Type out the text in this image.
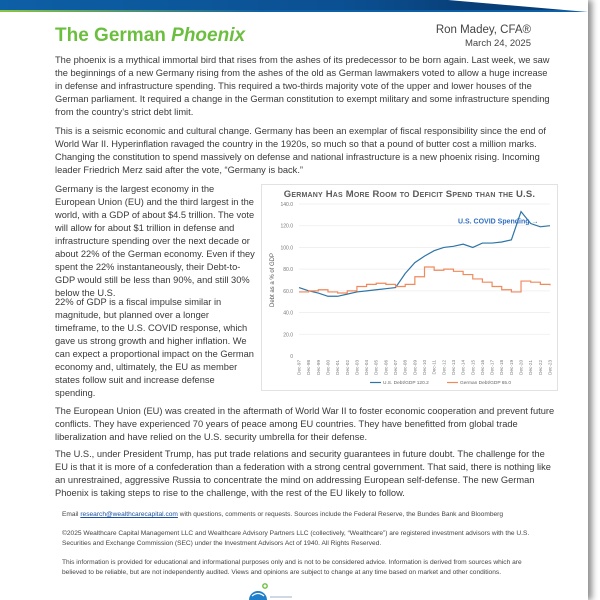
The German Phoenix	Ron Madey, CFA®
March 24, 2025
The phoenix is a mythical immortal bird that rises from the ashes of its predecessor to be born again. Last week, we saw the beginnings of a new Germany rising from the ashes of the old as German lawmakers voted to allow a huge increase in defense and infrastructure spending. This required a two-thirds majority vote of the upper and lower houses of the German parliament. It required a change in the German constitution to exempt military and some infrastructure spending from the country’s strict debt limit.
This is a seismic economic and cultural change. Germany has been an exemplar of fiscal responsibility since the end of World War II. Hyperinflation ravaged the country in the 1920s, so much so that a pound of butter cost a million marks. Changing the constitution to spend massively on defense and national infrastructure is a new phoenix rising. Incoming leader Friedrich Merz said after the vote, “Germany is back.”
Germany is the largest economy in the European Union (EU) and the third largest in the world, with a GDP of about $4.5 trillion. The vote will allow for about $1 trillion in defense and infrastructure spending over the next decade or about 22% of the German economy. Even if they spent the 22% instantaneously, their Debt-to-GDP would still be less than 90%, and still 30% below the U.S.
22% of GDP is a fiscal impulse similar in magnitude, but planned over a longer timeframe, to the U.S. COVID response, which gave us strong growth and higher inflation. We can expect a proportional impact on the German economy and, ultimately, the EU as member states follow suit and increase defense spending.
Germany Has More Room to Deficit Spend than the U.S.
0
20.0
40.0
60.0
80.0
100.0
120.0
140.0
Debt as a % of GDP
Dec-97 Dec-98 Dec-99 Dec-00 Dec-01 Dec-02 Dec-03 Dec-04 Dec-05 Dec-06 Dec-07 Dec-08 Dec-09 Dec-10 Dec-11 Dec-12 Dec-13 Dec-14 Dec-15 Dec-16 Dec-17 Dec-18 Dec-19 Dec-20 Dec-21 Dec-22 Dec-23
U.S. COVID Spending →
U.S. Debt/GDP 120.2	German Debt/GDP 65.0
The European Union (EU) was created in the aftermath of World War II to foster economic cooperation and prevent future conflicts. They have experienced 70 years of peace among EU countries. They have benefitted from global trade liberalization and have relied on the U.S. security umbrella for their defense.
The U.S., under President Trump, has put trade relations and security guarantees in future doubt. The challenge for the EU is that it is more of a confederation than a federation with a strong central government. That said, there is nothing like an unrestrained, aggressive Russia to concentrate the mind on addressing European self-defense. The new German Phoenix is taking steps to rise to the challenge, with the rest of the EU likely to follow.
Email research@wealthcarecapital.com with questions, comments or requests. Sources include the Federal Reserve, the Bundes Bank and Bloomberg
©2025 Wealthcare Capital Management LLC and Wealthcare Advisory Partners LLC (collectively, “Wealthcare”) are registered investment advisors with the U.S. Securities and Exchange Commission (SEC) under the Investment Advisors Act of 1940. All Rights Reserved.
This information is provided for educational and informational purposes only and is not to be considered advice. Information is derived from sources which are believed to be reliable, but are not independently audited. Views and opinions are subject to change at any time based on market and other conditions.
